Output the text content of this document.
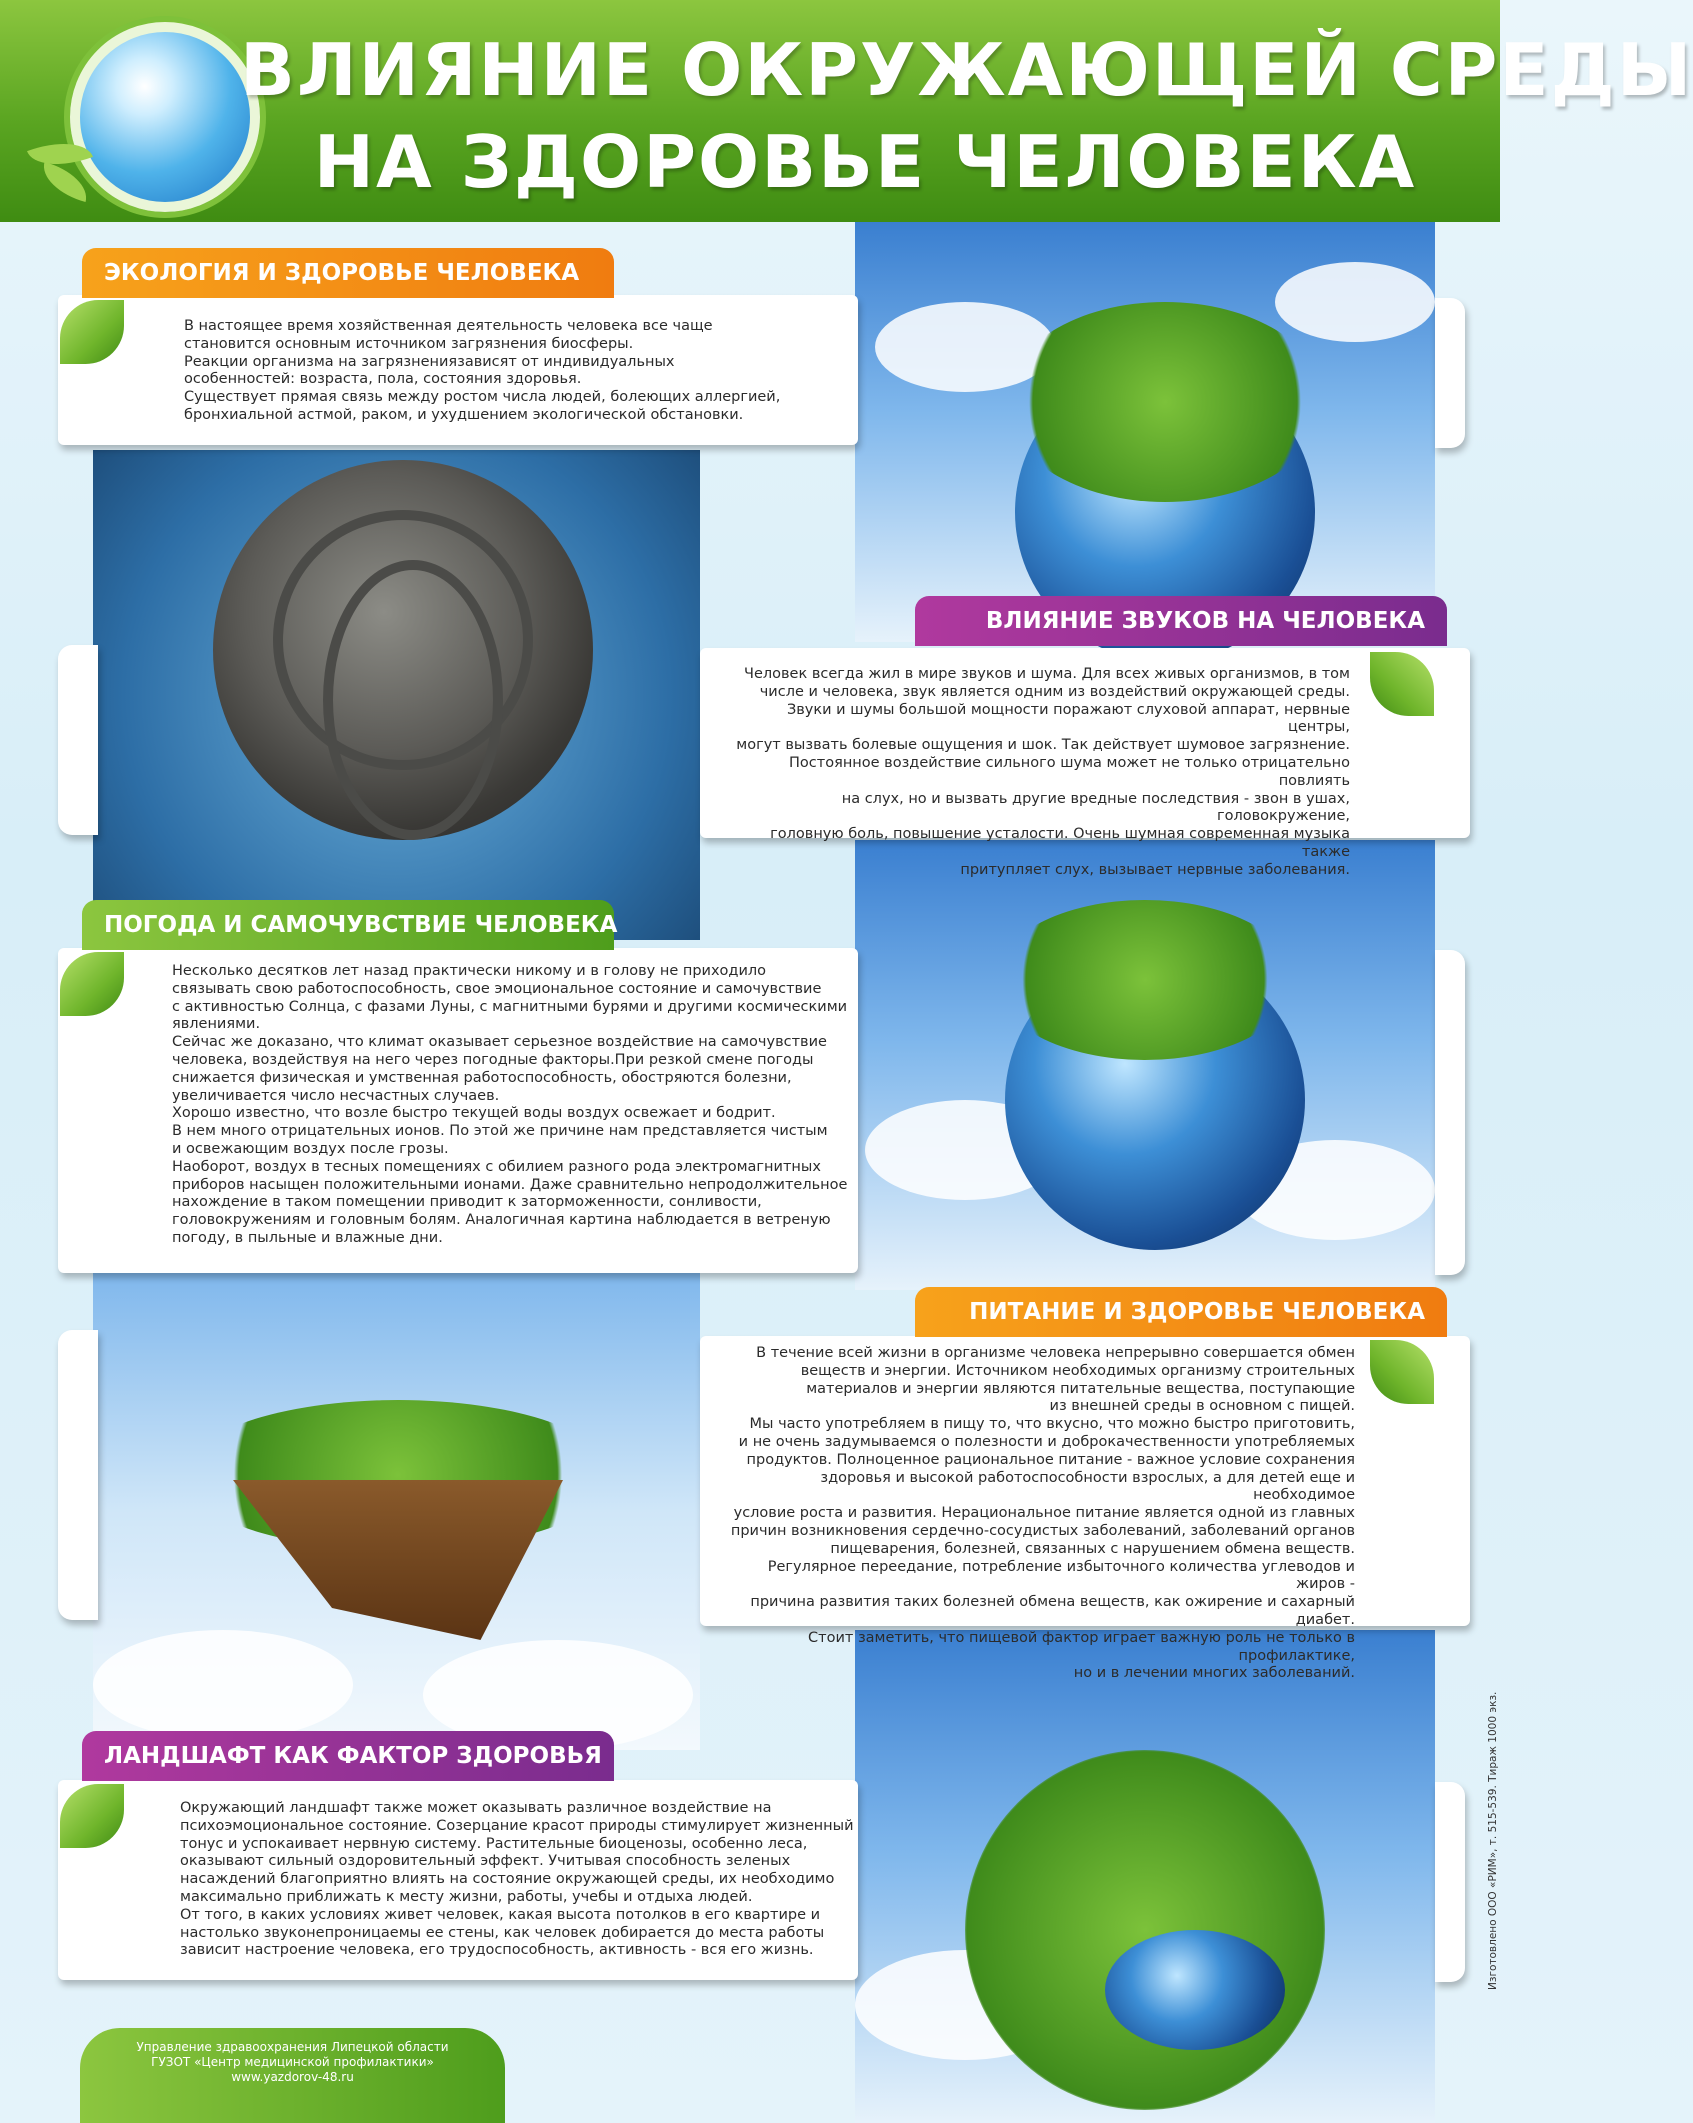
ВЛИЯНИЕ ОКРУЖАЮЩЕЙ СРЕДЫ
НА ЗДОРОВЬЕ ЧЕЛОВЕКА
ЭКОЛОГИЯ И ЗДОРОВЬЕ ЧЕЛОВЕКА

В настоящее время хозяйственная деятельность человека все чаще

становится основным источником загрязнения биосферы.

Реакции организма на загрязнениязависят от индивидуальных

особенностей: возраста, пола, состояния здоровья.

Существует прямая связь между ростом числа людей, болеющих аллергией,

бронхиальной астмой, раком, и ухудшением экологической обстановки.

ВЛИЯНИЕ ЗВУКОВ НА ЧЕЛОВЕКА

Человек всегда жил в мире звуков и шума. Для всех живых организмов, в том

числе и человека, звук является одним из воздействий окружающей среды.

Звуки и шумы большой мощности поражают слуховой аппарат, нервные центры,

могут вызвать болевые ощущения и шок. Так действует шумовое загрязнение.

Постоянное воздействие сильного шума может не только отрицательно повлиять

на слух, но и вызвать другие вредные последствия - звон в ушах, головокружение,

головную боль, повышение усталости. Очень шумная современная музыка также

притупляет слух, вызывает нервные заболевания.

ПОГОДА И САМОЧУВСТВИЕ ЧЕЛОВЕКА

Несколько десятков лет назад практически никому и в голову не приходило

связывать свою работоспособность, свое эмоциональное состояние и самочувствие

с активностью Солнца, с фазами Луны, с магнитными бурями и другими космическими

явлениями.

Сейчас же доказано, что климат оказывает серьезное воздействие на самочувствие

человека, воздействуя на него через погодные факторы.При резкой смене погоды

снижается физическая и умственная работоспособность, обостряются болезни,

увеличивается число несчастных случаев.

Хорошо известно, что возле быстро текущей воды воздух освежает и бодрит.

В нем много отрицательных ионов. По этой же причине нам представляется чистым

и освежающим воздух после грозы.

Наоборот, воздух в тесных помещениях с обилием разного рода электромагнитных

приборов насыщен положительными ионами. Даже сравнительно непродолжительное

нахождение в таком помещении приводит к заторможенности, сонливости,

головокружениям и головным болям. Аналогичная картина наблюдается в ветреную

погоду, в пыльные и влажные дни.

ПИТАНИЕ И ЗДОРОВЬЕ ЧЕЛОВЕКА

В течение всей жизни в организме человека непрерывно совершается обмен

веществ и энергии. Источником необходимых организму строительных

материалов и энергии являются питательные вещества, поступающие

из внешней среды в основном с пищей.

Мы часто употребляем в пищу то, что вкусно, что можно быстро приготовить,

и не очень задумываемся о полезности и доброкачественности употребляемых

продуктов. Полноценное рациональное питание - важное условие сохранения

здоровья и высокой работоспособности взрослых, а для детей еще и необходимое

условие роста и развития. Нерациональное питание является одной из главных

причин возникновения сердечно-сосудистых заболеваний, заболеваний органов

пищеварения, болезней, связанных с нарушением обмена веществ.

Регулярное переедание, потребление избыточного количества углеводов и жиров -

причина развития таких болезней обмена веществ, как ожирение и сахарный диабет.

Стоит заметить, что пищевой фактор играет важную роль не только в профилактике,

но и в лечении многих заболеваний.

ЛАНДШАФТ КАК ФАКТОР ЗДОРОВЬЯ

Окружающий ландшафт также может оказывать различное воздействие на

психоэмоциональное состояние. Созерцание красот природы стимулирует жизненный

тонус и успокаивает нервную систему. Растительные биоценозы, особенно леса,

оказывают сильный оздоровительный эффект. Учитывая способность зеленых

насаждений благоприятно влиять на состояние окружающей среды, их необходимо

максимально приближать к месту жизни, работы, учебы и отдыха людей.

От того, в каких условиях живет человек, какая высота потолков в его квартире и

настолько звуконепроницаемы ее стены, как человек добирается до места работы

зависит настроение человека, его трудоспособность, активность - вся его жизнь.

Управление здравоохранения Липецкой области
ГУЗОТ «Центр медицинской профилактики»
www.yazdorov-48.ru
Изготовлено ООО «РИМ», т. 515-539. Тираж 1000 экз.
